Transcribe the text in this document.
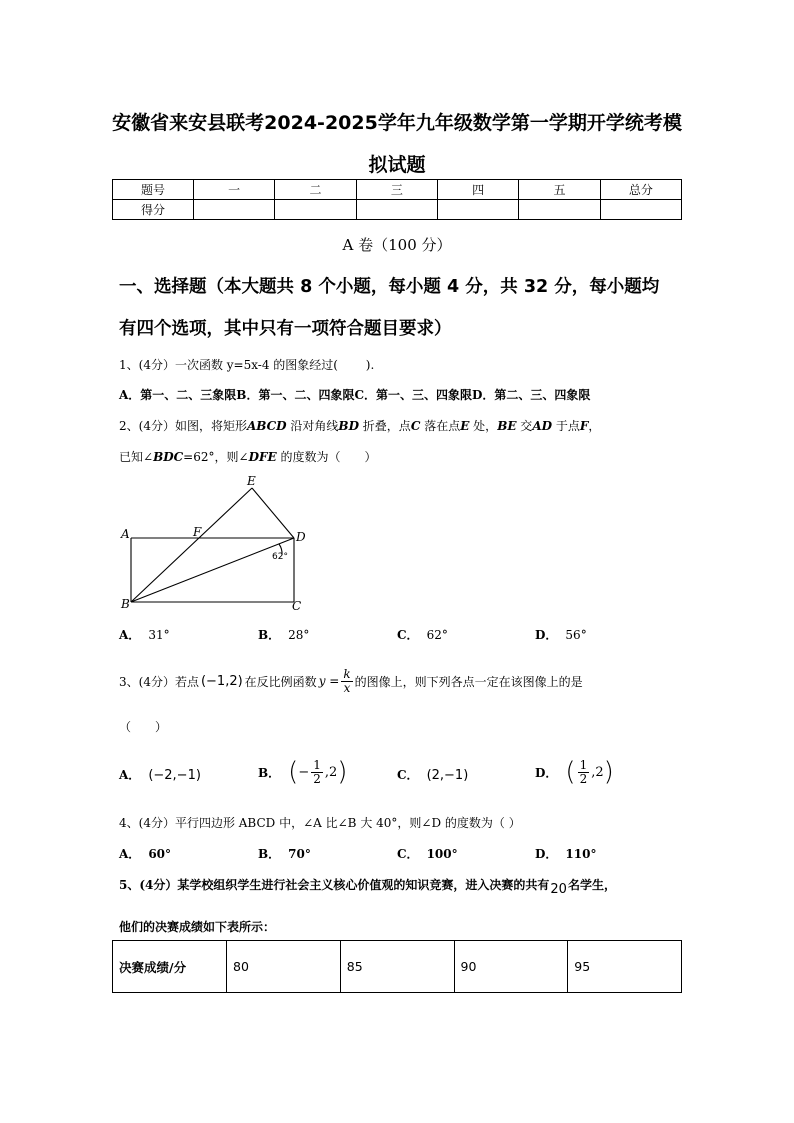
安徽省来安县联考2024-2025学年九年级数学第一学期开学统考模
拟试题
题号	一	二	三	四	五	总分
得分						
A 卷（100 分）
一、选择题（本大题共 8 个小题，每小题 4 分，共 32 分，每小题均
有四个选项，其中只有一项符合题目要求）
1、(4分）一次函数 y=5x-4 的图象经过(　　 ).
A．第一、二、三象限B．第一、二、四象限C．第一、三、四象限D．第二、三、四象限
2、(4分）如图，将矩形ABCD 沿对角线BD 折叠，点C 落在点E 处，BE 交AD 于点F，
已知∠BDC=62°，则∠DFE 的度数为（　　）
E
A	F	D
B	C
62°
A． 31°	B． 28°	C． 62°	D． 56°
3、(4分）若点 (−1,2) 在反比例函数 $y = \frac{k}{x}$ 的图像上，则下列各点一定在该图像上的是
（　　）
A． (−2,−1)	B． ( − $\frac{1}{2} ,2$ )	C． (2,−1)	D． ( $\frac{1}{2} ,2$ )
4、(4分）平行四边形 ABCD 中，∠A 比∠B 大 40°，则∠D 的度数为（ ）
A． 60°	B． 70°	C． 100°	D． 110°
5、(4分）某学校组织学生进行社会主义核心价值观的知识竞赛，进入决赛的共有20名学生，
他们的决赛成绩如下表所示：
决赛成绩/分	80	85	90	95
